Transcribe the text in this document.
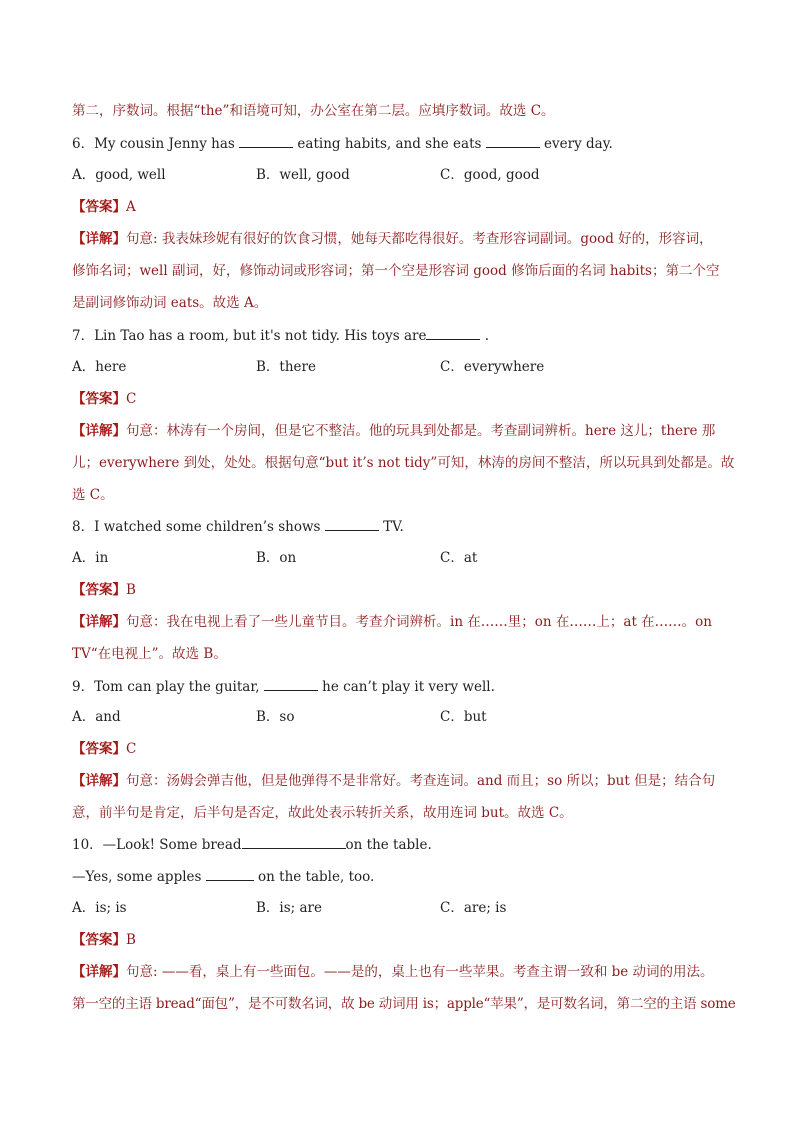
第二，序数词。根据“the”和语境可知，办公室在第二层。应填序数词。故选 C。
6．My cousin Jenny has	eating habits, and she eats	every day.
A．good, well	B．well, good	C．good, good
【答案】A
【详解】句意: 我表妹珍妮有很好的饮食习惯，她每天都吃得很好。考查形容词副词。good 好的，形容词，
修饰名词；well 副词，好，修饰动词或形容词；第一个空是形容词 good 修饰后面的名词 habits；第二个空
是副词修饰动词 eats。故选 A。
7．Lin Tao has a room, but it's not tidy. His toys are	.
A．here	B．there	C．everywhere
【答案】C
【详解】句意：林涛有一个房间，但是它不整洁。他的玩具到处都是。考查副词辨析。here 这儿；there 那
儿；everywhere 到处，处处。根据句意“but it’s not tidy”可知，林涛的房间不整洁，所以玩具到处都是。故
选 C。
8．I watched some children’s shows	TV.
A．in	B．on	C．at
【答案】B
【详解】句意：我在电视上看了一些儿童节目。考查介词辨析。in 在……里；on 在……上；at 在……。on
TV“在电视上”。故选 B。
9．Tom can play the guitar,	he can’t play it very well.
A．and	B．so	C．but
【答案】C
【详解】句意：汤姆会弹吉他，但是他弹得不是非常好。考查连词。and 而且；so 所以；but 但是；结合句
意，前半句是肯定，后半句是否定，故此处表示转折关系，故用连词 but。故选 C。
10．—Look! Some bread	on the table.
—Yes, some apples	on the table, too.
A．is; is	B．is; are	C．are; is
【答案】B
【详解】句意: ——看，桌上有一些面包。——是的，桌上也有一些苹果。考查主谓一致和 be 动词的用法。
第一空的主语 bread“面包”，是不可数名词，故 be 动词用 is；apple“苹果”，是可数名词，第二空的主语 some
